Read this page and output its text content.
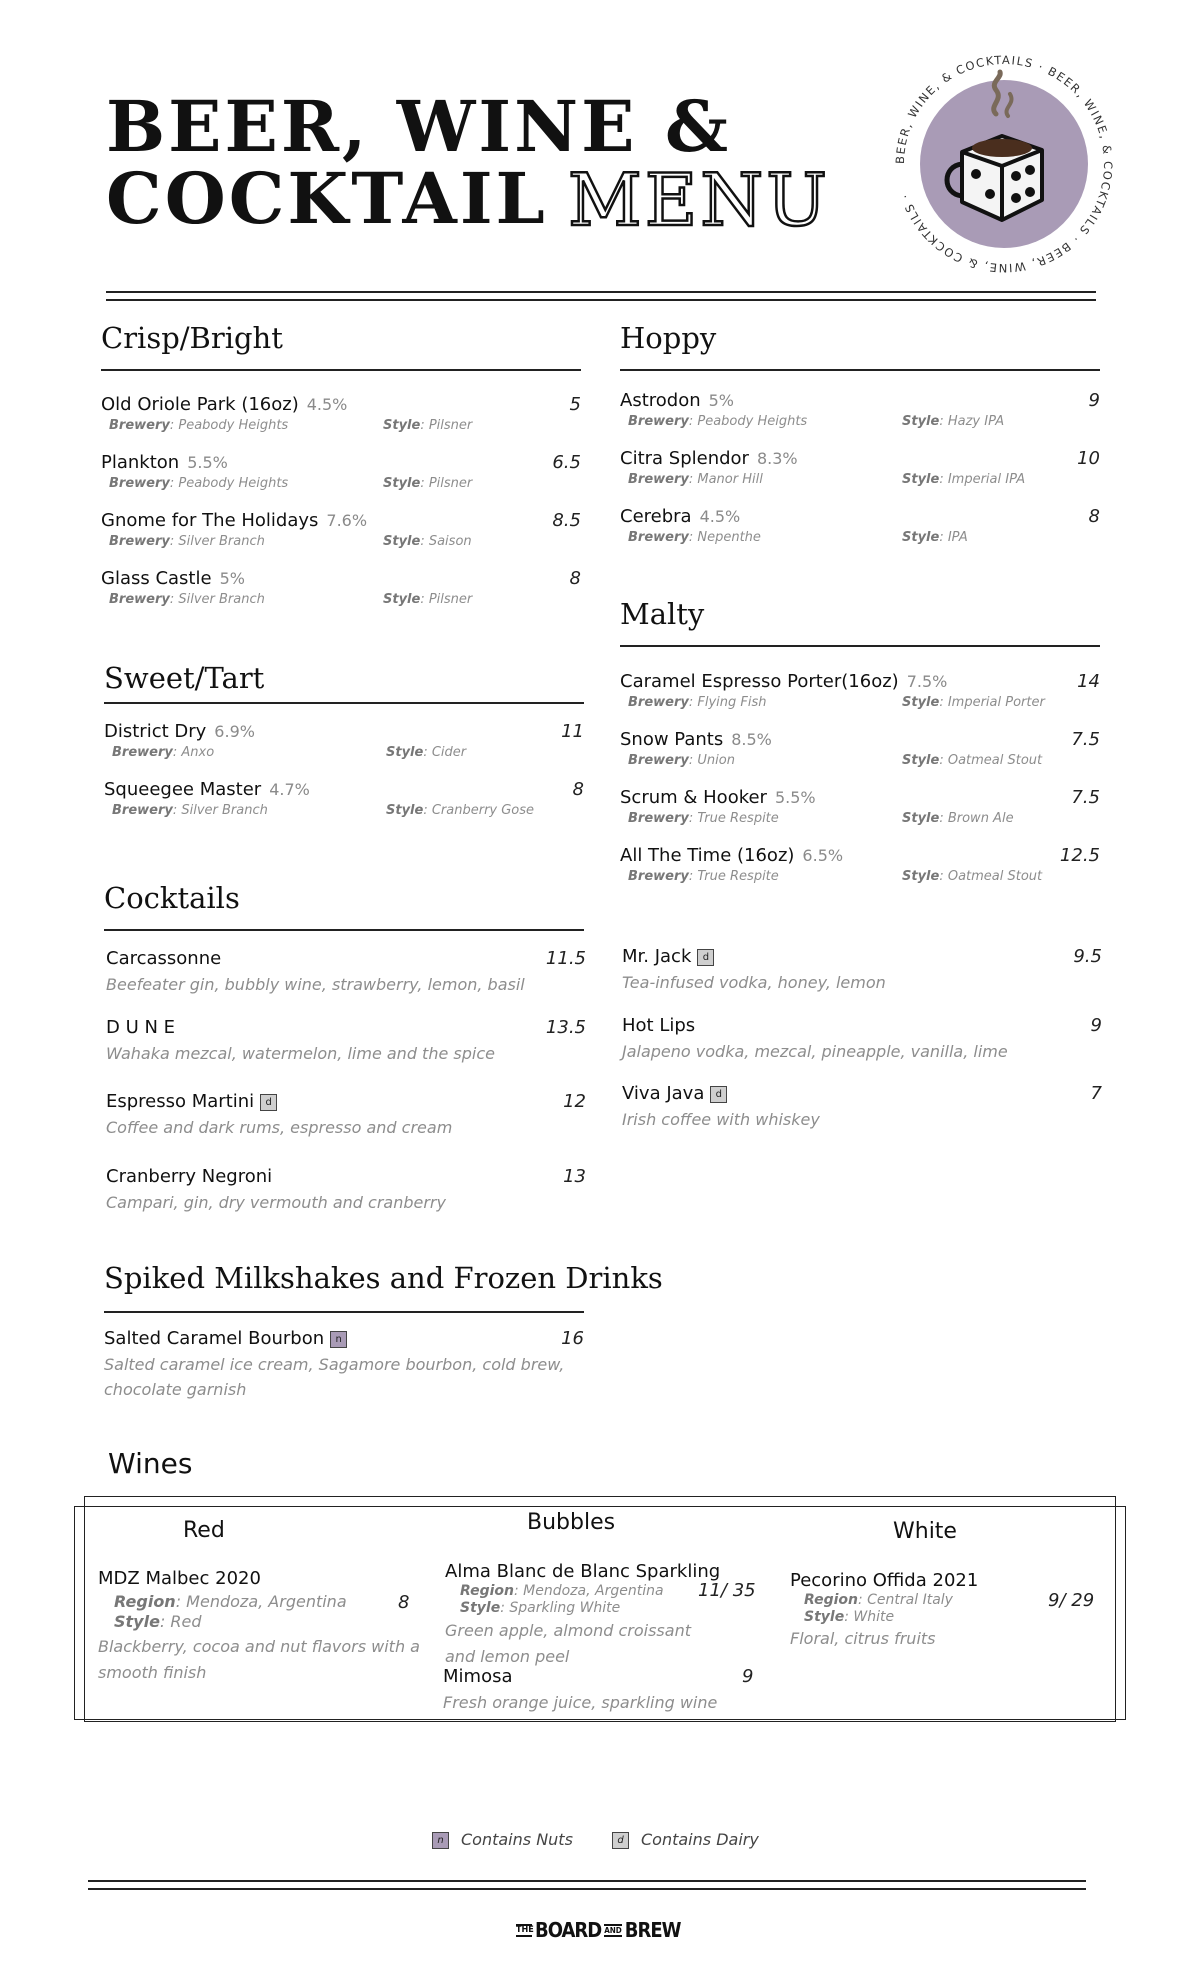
BEER, WINE &
COCKTAIL MENU	BEER, WINE, & COCKTAILS · BEER, WINE, & COCKTAILS · BEER, WINE, & COCKTAILS ·
Crisp/Bright
Old Oriole Park (16oz) 4.5%	5
Brewery: Peabody Heights	Style: Pilsner
Plankton 5.5%	6.5
Brewery: Peabody Heights	Style: Pilsner
Gnome for The Holidays 7.6%	8.5
Brewery: Silver Branch	Style: Saison
Glass Castle 5%	8
Brewery: Silver Branch	Style: Pilsner
Sweet/Tart
District Dry 6.9%	11
Brewery: Anxo	Style: Cider
Squeegee Master 4.7%	8
Brewery: Silver Branch	Style: Cranberry Gose
Hoppy
Astrodon 5%	9
Brewery: Peabody Heights	Style: Hazy IPA
Citra Splendor 8.3%	10
Brewery: Manor Hill	Style: Imperial IPA
Cerebra 4.5%	8
Brewery: Nepenthe	Style: IPA
Malty
Caramel Espresso Porter(16oz) 7.5%	14
Brewery: Flying Fish	Style: Imperial Porter
Snow Pants 8.5%	7.5
Brewery: Union	Style: Oatmeal Stout
Scrum & Hooker 5.5%	7.5
Brewery: True Respite	Style: Brown Ale
All The Time (16oz) 6.5%	12.5
Brewery: True Respite	Style: Oatmeal Stout
Cocktails
Carcassonne	11.5
Beefeater gin, bubbly wine, strawberry, lemon, basil
D U N E	13.5
Wahaka mezcal, watermelon, lime and the spice
Espresso Martini d	12
Coffee and dark rums, espresso and cream
Cranberry Negroni	13
Campari, gin, dry vermouth and cranberry
Mr. Jack d	9.5
Tea-infused vodka, honey, lemon
Hot Lips	9
Jalapeno vodka, mezcal, pineapple, vanilla, lime
Viva Java d	7
Irish coffee with whiskey
Spiked Milkshakes and Frozen Drinks
Salted Caramel Bourbon n	16
Salted caramel ice cream, Sagamore bourbon, cold brew,
chocolate garnish
Wines
Red
MDZ Malbec 2020
Region: Mendoza, Argentina	8
Style: Red
Blackberry, cocoa and nut flavors with a
smooth finish
Bubbles
Alma Blanc de Blanc Sparkling
Region: Mendoza, Argentina 11/ 35
Style: Sparkling White
Green apple, almond croissant
and lemon peel
Mimosa	9
Fresh orange juice, sparkling wine
White
Pecorino Offida 2021
Region: Central Italy	9/ 29
Style: White
Floral, citrus fruits
n Contains Nuts	d Contains Dairy
THE BOARD AND BREW
